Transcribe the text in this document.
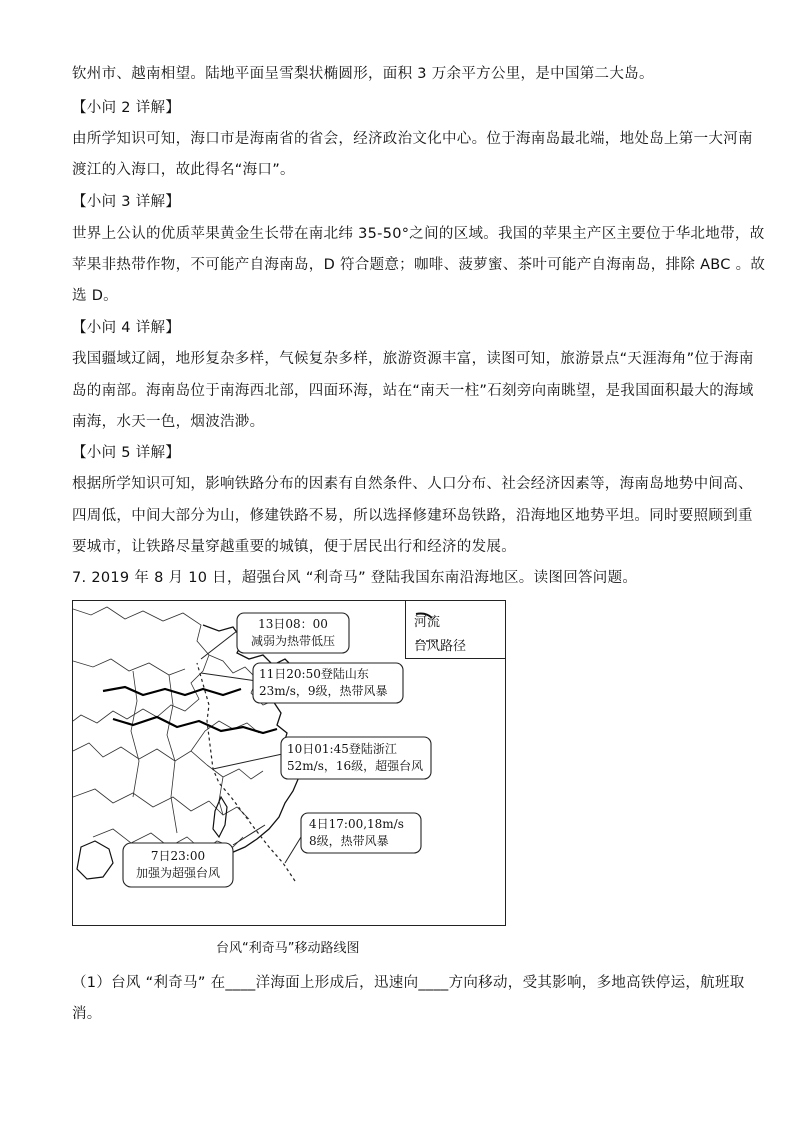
钦州市、越南相望。陆地平面呈雪梨状椭圆形，面积 3 万余平方公里，是中国第二大岛。
【小问 2 详解】
由所学知识可知，海口市是海南省的省会，经济政治文化中心。位于海南岛最北端，地处岛上第一大河南
渡江的入海口，故此得名“海口”。
【小问 3 详解】
世界上公认的优质苹果黄金生长带在南北纬 35-50°之间的区域。我国的苹果主产区主要位于华北地带，故
苹果非热带作物，不可能产自海南岛，D 符合题意；咖啡、菠萝蜜、茶叶可能产自海南岛，排除 ABC 。故
选 D。
【小问 4 详解】
我国疆域辽阔，地形复杂多样，气候复杂多样，旅游资源丰富，读图可知，旅游景点“天涯海角”位于海南
岛的南部。海南岛位于南海西北部，四面环海，站在“南天一柱”石刻旁向南眺望，是我国面积最大的海域
南海，水天一色，烟波浩渺。
【小问 5 详解】
根据所学知识可知，影响铁路分布的因素有自然条件、人口分布、社会经济因素等，海南岛地势中间高、
四周低，中间大部分为山，修建铁路不易，所以选择修建环岛铁路，沿海地区地势平坦。同时要照顾到重
要城市，让铁路尽量穿越重要的城镇，便于居民出行和经济的发展。
7. 2019 年 8 月 10 日，超强台风 “利奇马” 登陆我国东南沿海地区。读图回答问题。
河流
台风路径
13日08：00
减弱为热带低压
11日20:50登陆山东
23m/s，9级，热带风暴
10日01:45登陆浙江
52m/s，16级，超强台风
4日17:00,18m/s
8级，热带风暴
7日23:00
加强为超强台风
台风“利奇马”移动路线图
（1）台风 “利奇马” 在____洋海面上形成后，迅速向____方向移动，受其影响，多地高铁停运，航班取
消。
